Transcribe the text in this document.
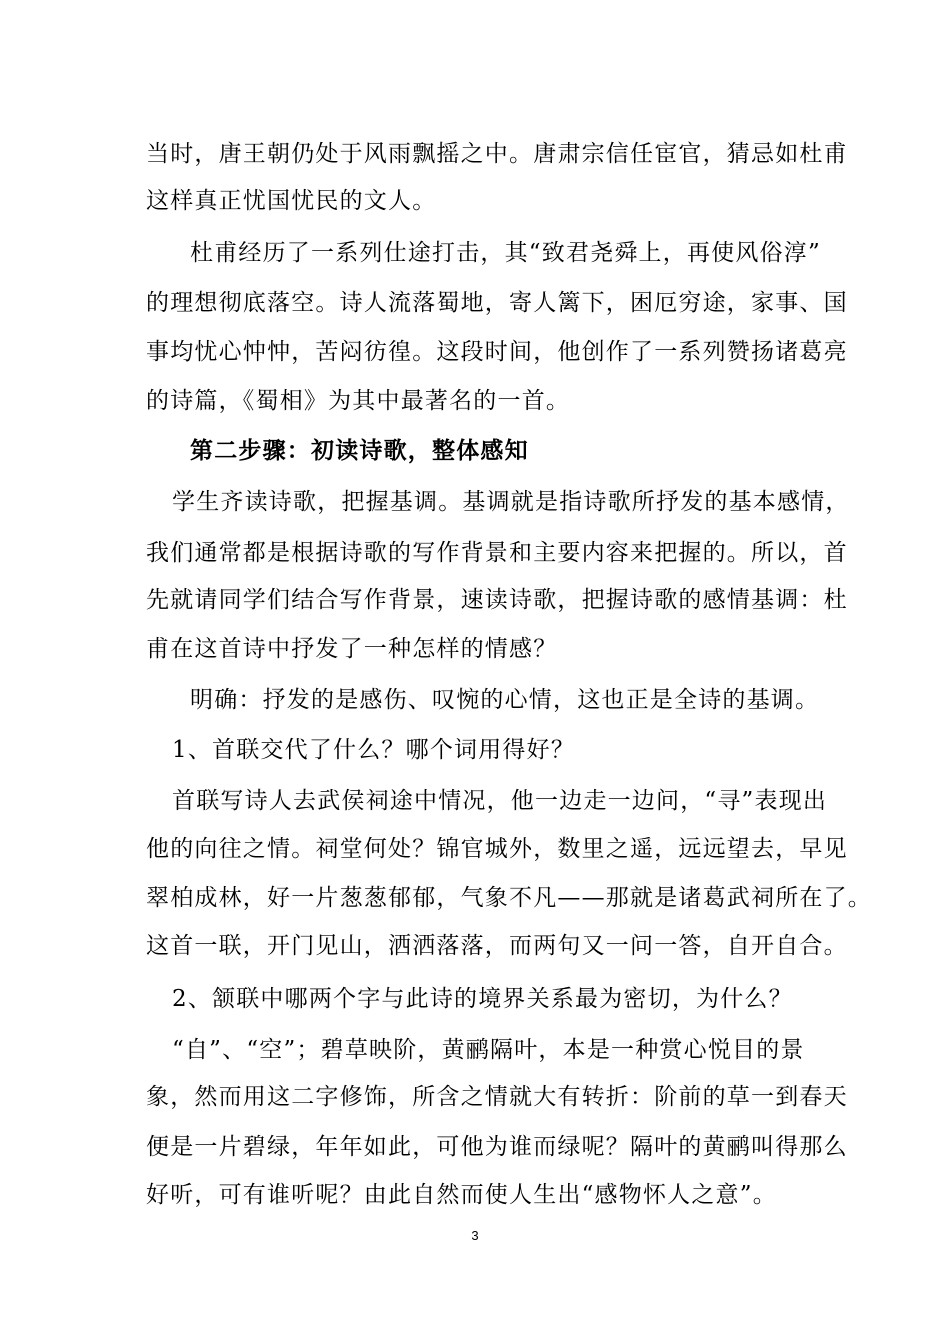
当时，唐王朝仍处于风雨飘摇之中。唐肃宗信任宦官，猜忌如杜甫
这样真正忧国忧民的文人。
杜甫经历了一系列仕途打击，其“致君尧舜上，再使风俗淳”
的理想彻底落空。诗人流落蜀地，寄人篱下，困厄穷途，家事、国
事均忧心忡忡，苦闷彷徨。这段时间，他创作了一系列赞扬诸葛亮
的诗篇，《蜀相》为其中最著名的一首。
第二步骤：初读诗歌，整体感知
学生齐读诗歌，把握基调。基调就是指诗歌所抒发的基本感情，
我们通常都是根据诗歌的写作背景和主要内容来把握的。所以，首
先就请同学们结合写作背景，速读诗歌，把握诗歌的感情基调：杜
甫在这首诗中抒发了一种怎样的情感？
明确：抒发的是感伤、叹惋的心情，这也正是全诗的基调。
1、首联交代了什么？哪个词用得好？
首联写诗人去武侯祠途中情况，他一边走一边问，“寻”表现出
他的向往之情。祠堂何处？锦官城外，数里之遥，远远望去，早见
翠柏成林，好一片葱葱郁郁，气象不凡——那就是诸葛武祠所在了。
这首一联，开门见山，洒洒落落，而两句又一问一答，自开自合。
2、颔联中哪两个字与此诗的境界关系最为密切，为什么？
“自”、“空”；碧草映阶，黄鹂隔叶，本是一种赏心悦目的景
象，然而用这二字修饰，所含之情就大有转折：阶前的草一到春天
便是一片碧绿，年年如此，可他为谁而绿呢？隔叶的黄鹂叫得那么
好听，可有谁听呢？由此自然而使人生出“感物怀人之意”。
3
